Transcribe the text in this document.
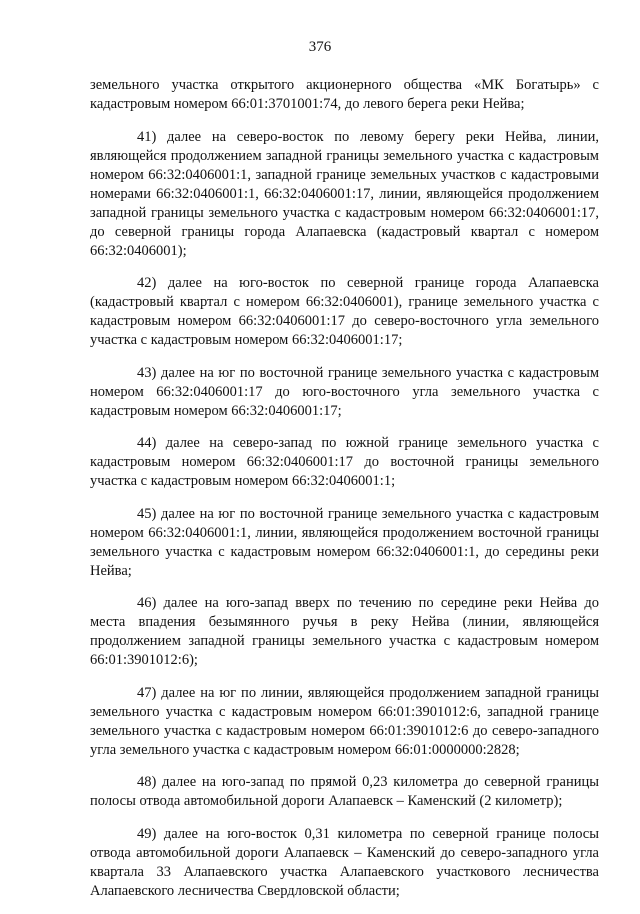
376

земельного участка открытого акционерного общества «МК Богатырь» с кадастровым номером 66:01:3701001:74, до левого берега реки Нейва;

41) далее на северо-восток по левому берегу реки Нейва, линии, являющейся продолжением западной границы земельного участка с кадастровым номером 66:32:0406001:1, западной границе земельных участков с кадастровыми номерами 66:32:0406001:1, 66:32:0406001:17, линии, являющейся продолжением западной границы земельного участка с кадастровым номером 66:32:0406001:17, до северной границы города Алапаевска (кадастровый квартал с номером 66:32:0406001);

42) далее на юго-восток по северной границе города Алапаевска (кадастровый квартал с номером 66:32:0406001), границе земельного участка с кадастровым номером 66:32:0406001:17 до северо-восточного угла земельного участка с кадастровым номером 66:32:0406001:17;

43) далее на юг по восточной границе земельного участка с кадастровым номером 66:32:0406001:17 до юго-восточного угла земельного участка с кадастровым номером 66:32:0406001:17;

44) далее на северо-запад по южной границе земельного участка с кадастровым номером 66:32:0406001:17 до восточной границы земельного участка с кадастровым номером 66:32:0406001:1;

45) далее на юг по восточной границе земельного участка с кадастровым номером 66:32:0406001:1, линии, являющейся продолжением восточной границы земельного участка с кадастровым номером 66:32:0406001:1, до середины реки Нейва;

46) далее на юго-запад вверх по течению по середине реки Нейва до места впадения безымянного ручья в реку Нейва (линии, являющейся продолжением западной границы земельного участка с кадастровым номером 66:01:3901012:6);

47) далее на юг по линии, являющейся продолжением западной границы земельного участка с кадастровым номером 66:01:3901012:6, западной границе земельного участка с кадастровым номером 66:01:3901012:6 до северо-западного угла земельного участка с кадастровым номером 66:01:0000000:2828;

48) далее на юго-запад по прямой 0,23 километра до северной границы полосы отвода автомобильной дороги Алапаевск – Каменский (2 километр);

49) далее на юго-восток 0,31 километра по северной границе полосы отвода автомобильной дороги Алапаевск – Каменский до северо-западного угла квартала 33 Алапаевского участка Алапаевского участкового лесничества Алапаевского лесничества Свердловской области;
